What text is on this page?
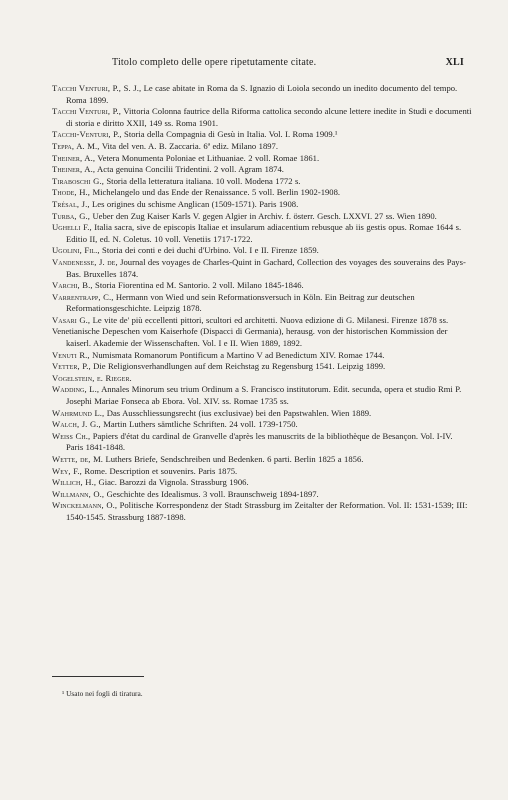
Titolo completo delle opere ripetutamente citate.	XLI

Tacchi Venturi, P., S. J., Le case abitate in Roma da S. Ignazio di Loiola secondo un inedito documento del tempo. Roma 1899.

Tacchi Venturi, P., Vittoria Colonna fautrice della Riforma cattolica secondo alcune lettere inedite in Studi e documenti di storia e diritto XXII, 149 ss. Roma 1901.

Tacchi-Venturi, P., Storia della Compagnia di Gesù in Italia. Vol. I. Roma 1909.¹

Teppa, A. M., Vita del ven. A. B. Zaccaria. 6ª ediz. Milano 1897.

Theiner, A., Vetera Monumenta Poloniae et Lithuaniae. 2 voll. Romae 1861.

Theiner, A., Acta genuina Concilii Tridentini. 2 voll. Agram 1874.

Tiraboschi G., Storia della letteratura italiana. 10 voll. Modena 1772 s.

Thode, H., Michelangelo und das Ende der Renaissance. 5 voll. Berlin 1902-1908.

Trésal, J., Les origines du schisme Anglican (1509-1571). Paris 1908.

Turba, G., Ueber den Zug Kaiser Karls V. gegen Algier in Archiv. f. österr. Gesch. LXXVI. 27 ss. Wien 1890.

Ughelli F., Italia sacra, sive de episcopis Italiae et insularum adiacentium rebusque ab iis gestis opus. Romae 1644 s. Editio II, ed. N. Coletus. 10 voll. Venetiis 1717-1722.

Ugolini, Fil., Storia dei conti e dei duchi d'Urbino. Vol. I e II. Firenze 1859.

Vandenesse, J. de, Journal des voyages de Charles-Quint in Gachard, Collection des voyages des souverains des Pays-Bas. Bruxelles 1874.

Varchi, B., Storia Fiorentina ed M. Santorio. 2 voll. Milano 1845-1846.

Varrentrapp, C., Hermann von Wied und sein Reformationsversuch in Köln. Ein Beitrag zur deutschen Reformationsgeschichte. Leipzig 1878.

Vasari G., Le vite de' più eccellenti pittori, scultori ed architetti. Nuova edizione di G. Milanesi. Firenze 1878 ss.

Venetianische Depeschen vom Kaiserhofe (Dispacci di Germania), herausg. von der historischen Kommission der kaiserl. Akademie der Wissenschaften. Vol. I e II. Wien 1889, 1892.

Venuti R., Numismata Romanorum Pontificum a Martino V ad Benedictum XIV. Romae 1744.

Vetter, P., Die Religionsverhandlungen auf dem Reichstag zu Regensburg 1541. Leipzig 1899.

Vogelstein, e. Rieger.

Wadding, L., Annales Minorum seu trium Ordinum a S. Francisco institutorum. Edit. secunda, opera et studio Rmi P. Josephi Mariae Fonseca ab Ebora. Vol. XIV. ss. Romae 1735 ss.

Wahrmund L., Das Ausschliessungsrecht (ius exclusivae) bei den Papstwahlen. Wien 1889.

Walch, J. G., Martin Luthers sämtliche Schriften. 24 voll. 1739-1750.

Weiss Ch., Papiers d'état du cardinal de Granvelle d'après les manuscrits de la bibliothèque de Besançon. Vol. I-IV. Paris 1841-1848.

Wette, de, M. Luthers Briefe, Sendschreiben und Bedenken. 6 parti. Berlin 1825 a 1856.

Wey, F., Rome. Description et souvenirs. Paris 1875.

Willich, H., Giac. Barozzi da Vignola. Strassburg 1906.

Willmann, O., Geschichte des Idealismus. 3 voll. Braunschweig 1894-1897.

Winckelmann, O., Politische Korrespondenz der Stadt Strassburg im Zeitalter der Reformation. Vol. II: 1531-1539; III: 1540-1545. Strassburg 1887-1898.

¹ Usato nei fogli di tiratura.
